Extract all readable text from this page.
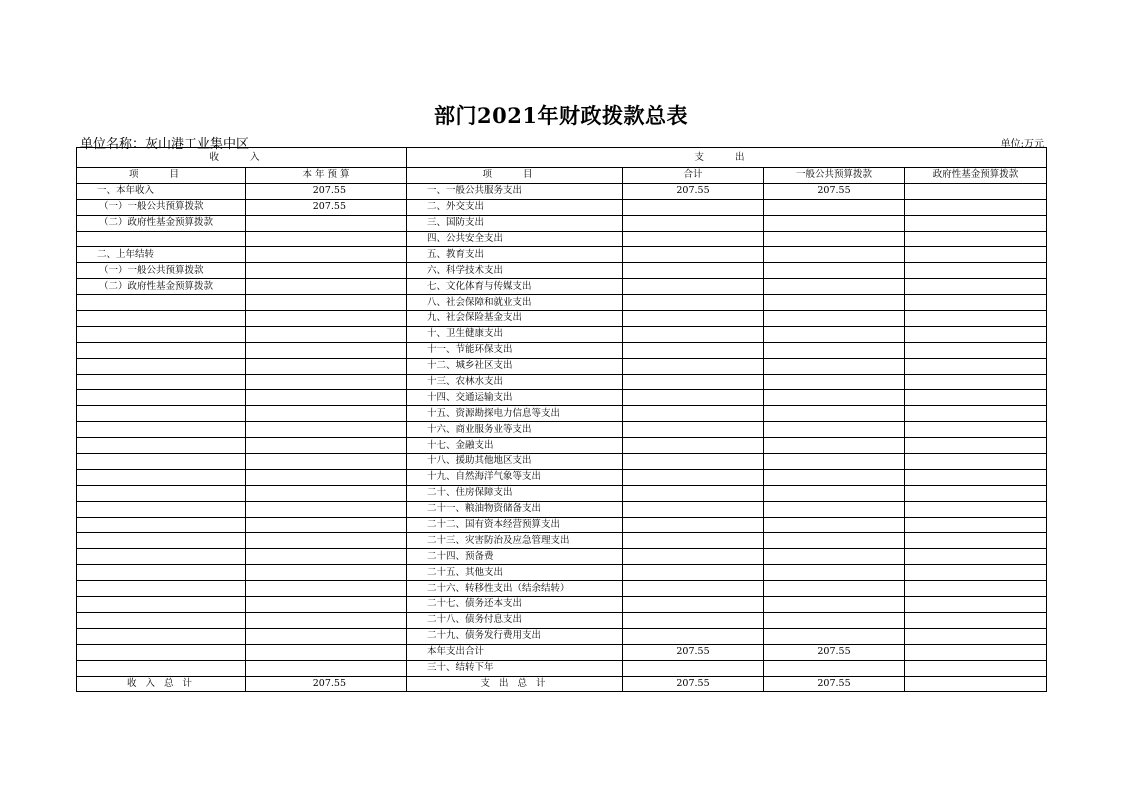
部门2021年财政拨款总表
单位名称：灰山港工业集中区	单位:万元
收 入		支 出			
项 目	本 年 预 算	项 目	合计	一般公共预算拨款	政府性基金预算拨款
一、本年收入	207.55	一、一般公共服务支出	207.55	207.55	
（一）一般公共预算拨款	207.55	二、外交支出			
（二）政府性基金预算拨款		三、国防支出			
		四、公共安全支出			
二、上年结转		五、教育支出			
（一）一般公共预算拨款		六、科学技术支出			
（二）政府性基金预算拨款		七、文化体育与传媒支出			
		八、社会保障和就业支出			
		九、社会保险基金支出			
		十、卫生健康支出			
		十一、节能环保支出			
		十二、城乡社区支出			
		十三、农林水支出			
		十四、交通运输支出			
		十五、资源勘探电力信息等支出			
		十六、商业服务业等支出			
		十七、金融支出			
		十八、援助其他地区支出			
		十九、自然海洋气象等支出			
		二十、住房保障支出			
		二十一、粮油物资储备支出			
		二十二、国有资本经营预算支出			
		二十三、灾害防治及应急管理支出			
		二十四、预备费			
		二十五、其他支出			
		二十六、转移性支出（结余结转）			
		二十七、债务还本支出			
		二十八、债务付息支出			
		二十九、债务发行费用支出			
		本年支出合计	207.55	207.55	
		三十、结转下年			
收 入 总 计	207.55	支 出 总 计	207.55	207.55	
